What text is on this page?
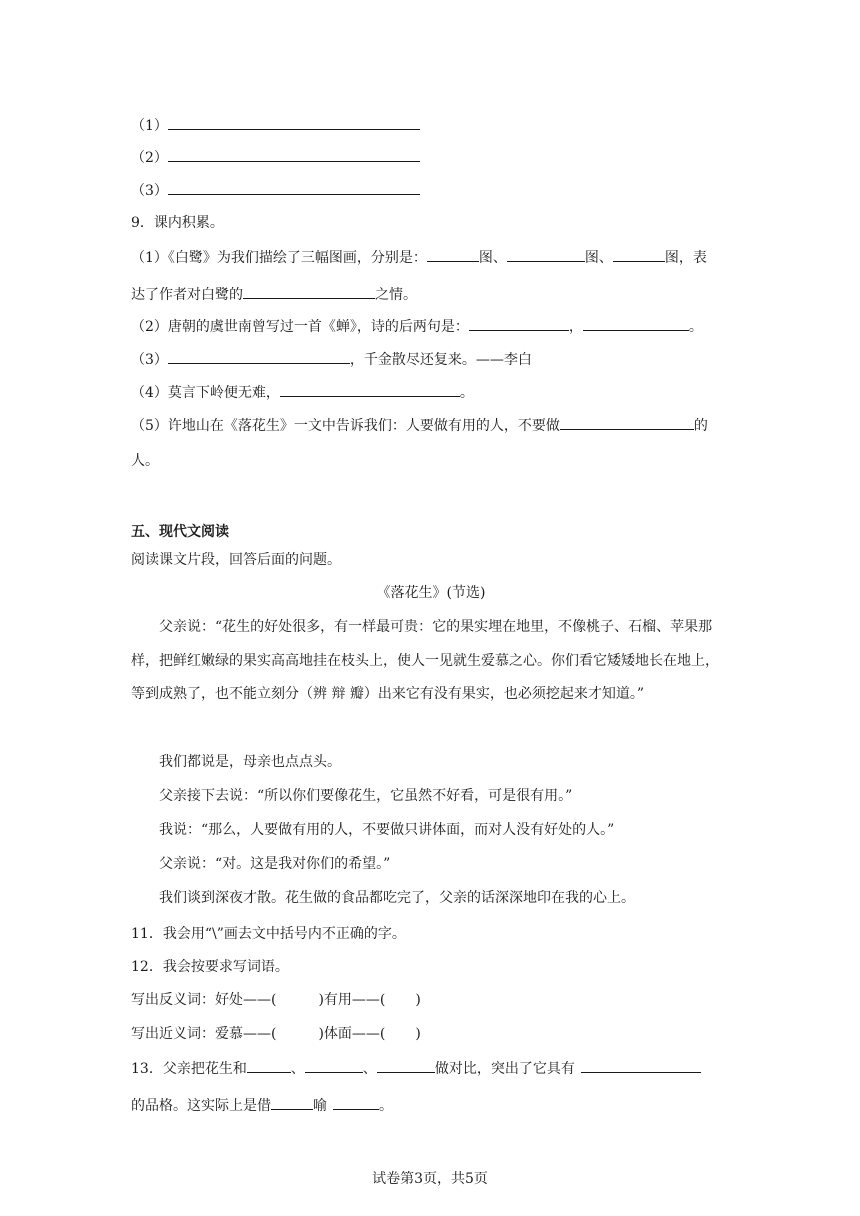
（1）
（2）
（3）
9．课内积累。
（1）《白鹭》为我们描绘了三幅图画，分别是：	图、	图、	图，表
达了作者对白鹭的	之情。
（2）唐朝的虞世南曾写过一首《蝉》，诗的后两句是：	，	。
（3）	，千金散尽还复来。——李白
（4）莫言下岭便无难，	。
（5）许地山在《落花生》一文中告诉我们：人要做有用的人，不要做	的
人。
五、现代文阅读
阅读课文片段，回答后面的问题。
《落花生》(节选)
父亲说：“花生的好处很多，有一样最可贵：它的果实埋在地里，不像桃子、石榴、苹果那样，把鲜红嫩绿的果实高高地挂在枝头上，使人一见就生爱慕之心。你们看它矮矮地长在地上，等到成熟了，也不能立刻分（辨 辩 瓣）出来它有没有果实，也必须挖起来才知道。”
我们都说是，母亲也点点头。
父亲接下去说：“所以你们要像花生，它虽然不好看，可是很有用。”
我说：“那么，人要做有用的人，不要做只讲体面，而对人没有好处的人。”
父亲说：“对。这是我对你们的希望。”
我们谈到深夜才散。花生做的食品都吃完了，父亲的话深深地印在我的心上。
11．我会用“\”画去文中括号内不正确的字。
12．我会按要求写词语。
写出反义词：好处——(	)有用——( )
写出近义词：爱慕——(	)体面——( )
13．父亲把花生和	、	、	做对比，突出了它具有
的品格。这实际上是借	喻	。
试卷第3页，共5页
